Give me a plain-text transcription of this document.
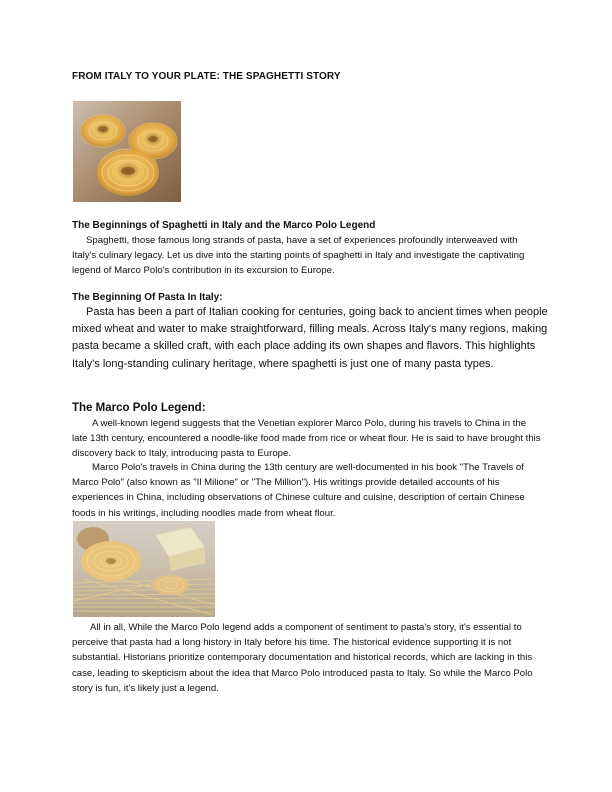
FROM ITALY TO YOUR PLATE: THE SPAGHETTI STORY
The Beginnings of Spaghetti in Italy and the Marco Polo Legend
Spaghetti, those famous long strands of pasta, have a set of experiences profoundly interweaved with Italy's culinary legacy. Let us dive into the starting points of spaghetti in Italy and investigate the captivating legend of Marco Polo's contribution in its excursion to Europe.
The Beginning Of Pasta In Italy:
Pasta has been a part of Italian cooking for centuries, going back to ancient times when people mixed wheat and water to make straightforward, filling meals. Across Italy's many regions, making pasta became a skilled craft, with each place adding its own shapes and flavors. This highlights Italy's long-standing culinary heritage, where spaghetti is just one of many pasta types.
The Marco Polo Legend:
A well-known legend suggests that the Venetian explorer Marco Polo, during his travels to China in the late 13th century, encountered a noodle-like food made from rice or wheat flour. He is said to have brought this discovery back to Italy, introducing pasta to Europe.
Marco Polo's travels in China during the 13th century are well-documented in his book "The Travels of Marco Polo" (also known as "Il Milione" or "The Million"). His writings provide detailed accounts of his experiences in China, including observations of Chinese culture and cuisine, description of certain Chinese foods in his writings, including noodles made from wheat flour.
All in all, While the Marco Polo legend adds a component of sentiment to pasta's story, it's essential to perceive that pasta had a long history in Italy before his time. The historical evidence supporting it is not substantial. Historians prioritize contemporary documentation and historical records, which are lacking in this case, leading to skepticism about the idea that Marco Polo introduced pasta to Italy. So while the Marco Polo story is fun, it's likely just a legend.
